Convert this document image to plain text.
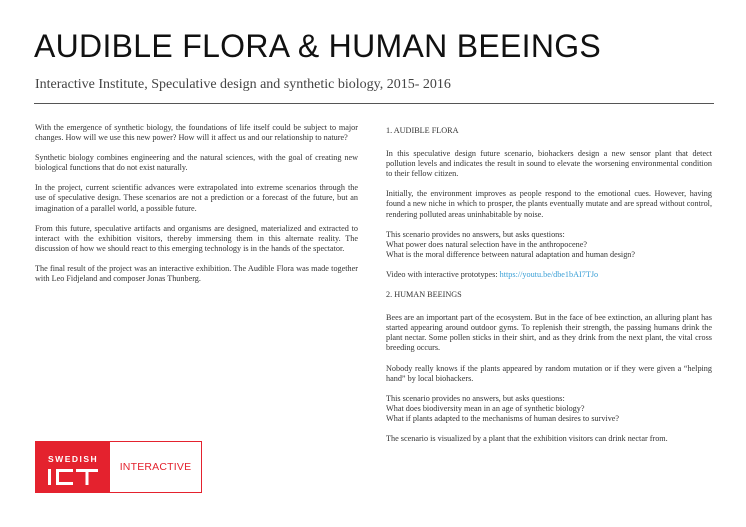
AUDIBLE FLORA & HUMAN BEEINGS
Interactive Institute, Speculative design and synthetic biology, 2015- 2016

With the emergence of synthetic biology, the foundations of life itself could be subject to major changes. How will we use this new power? How will it affect us and our relationship to nature?

Synthetic biology combines engineering and the natural sciences, with the goal of creating new biological functions that do not exist naturally.

In the project, current scientific advances were extrapolated into extreme scenarios through the use of speculative design. These scenarios are not a prediction or a forecast of the future, but an imagination of a parallel world, a possible future.

From this future, speculative artifacts and organisms are designed, materialized and extracted to interact with the exhibition visitors, thereby immersing them in this alternate reality. The discussion of how we should react to this emerging technology is in the hands of the spectator.

The final result of the project was an interactive exhibition. The Audible Flora was made together with Leo Fidjeland and composer Jonas Thunberg.

1. AUDIBLE FLORA

In this speculative design future scenario, biohackers design a new sensor plant that detect pollution levels and indicates the result in sound to elevate the worsening environmental condition to their fellow citizen.

Initially, the environment improves as people respond to the emotional cues. However, having found a new niche in which to prosper, the plants eventually mutate and are spread without control, rendering polluted areas uninhabitable by noise.

This scenario provides no answers, but asks questions:
What power does natural selection have in the anthropocene?
What is the moral difference between natural adaptation and human design?

Video with interactive prototypes: https://youtu.be/dbe1bAI7TJo

2. HUMAN BEEINGS

Bees are an important part of the ecosystem. But in the face of bee extinction, an alluring plant has started appearing around outdoor gyms. To replenish their strength, the passing humans drink the plant nectar. Some pollen sticks in their shirt, and as they drink from the next plant, the vital cross breeding occurs.

Nobody really knows if the plants appeared by random mutation or if they were given a “helping hand” by local biohackers.

This scenario provides no answers, but asks questions:
What does biodiversity mean in an age of synthetic biology?
What if plants adapted to the mechanisms of human desires to survive?

The scenario is visualized by a plant that the exhibition visitors can drink nectar from.

SWEDISH
INTERACTIVE
